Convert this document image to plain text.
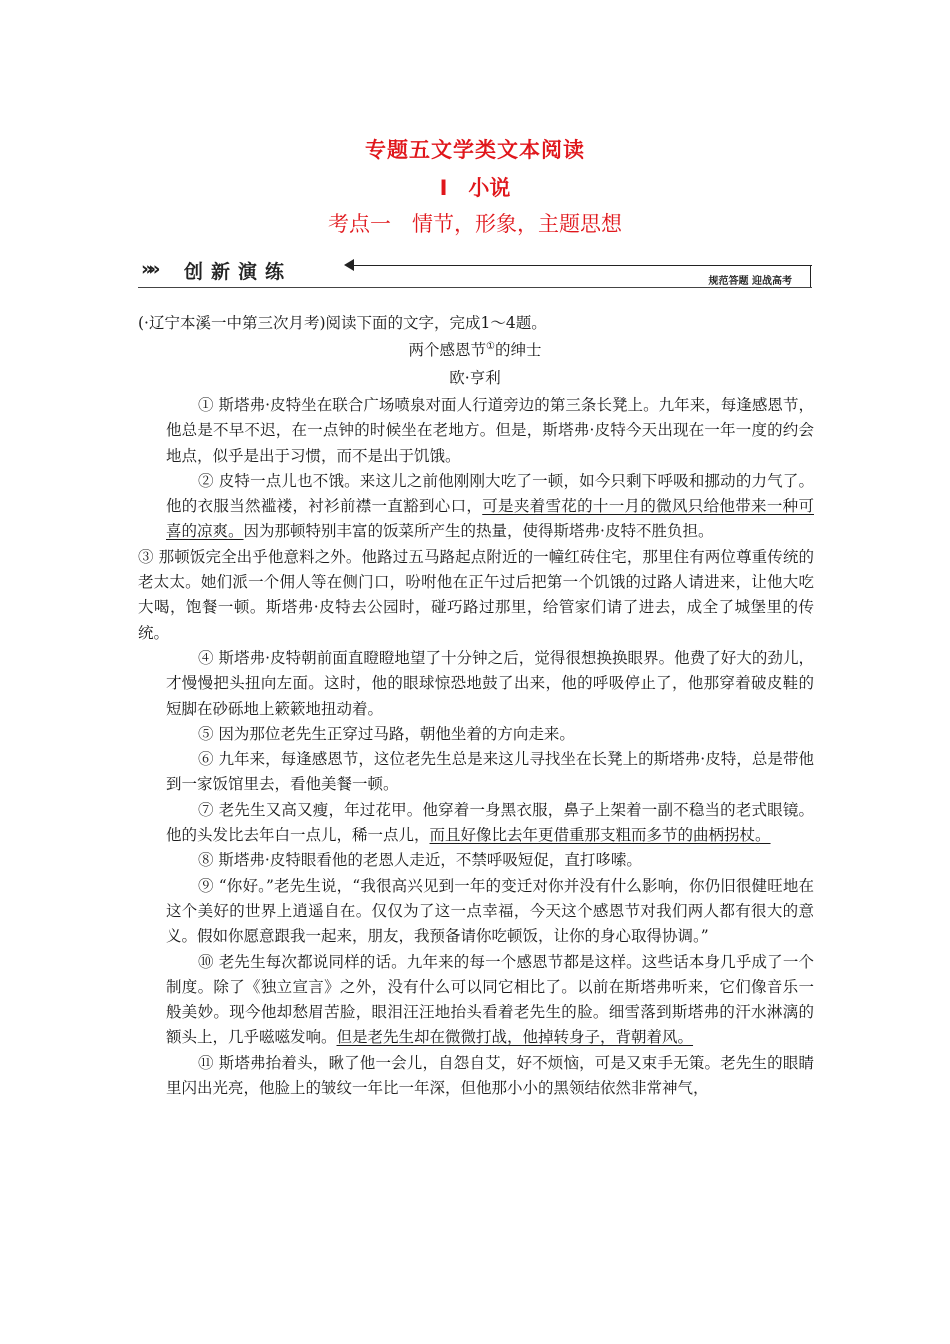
专题五文学类文本阅读
I　小说
考点一　情节，形象，主题思想
»» 创新演练	规范答题 迎战高考
(·辽宁本溪一中第三次月考)阅读下面的文字，完成1～4题。
两个感恩节①的绅士
欧·亨利

① 斯塔弗·皮特坐在联合广场喷泉对面人行道旁边的第三条长凳上。九年来，每逢感恩节，他总是不早不迟，在一点钟的时候坐在老地方。但是，斯塔弗·皮特今天出现在一年一度的约会地点，似乎是出于习惯，而不是出于饥饿。

② 皮特一点儿也不饿。来这儿之前他刚刚大吃了一顿，如今只剩下呼吸和挪动的力气了。他的衣服当然褴褛，衬衫前襟一直豁到心口，可是夹着雪花的十一月的微风只给他带来一种可喜的凉爽。因为那顿特别丰富的饭菜所产生的热量，使得斯塔弗·皮特不胜负担。

③ 那顿饭完全出乎他意料之外。他路过五马路起点附近的一幢红砖住宅，那里住有两位尊重传统的老太太。她们派一个佣人等在侧门口，吩咐他在正午过后把第一个饥饿的过路人请进来，让他大吃大喝，饱餐一顿。斯塔弗·皮特去公园时，碰巧路过那里，给管家们请了进去，成全了城堡里的传统。

④ 斯塔弗·皮特朝前面直瞪瞪地望了十分钟之后，觉得很想换换眼界。他费了好大的劲儿，才慢慢把头扭向左面。这时，他的眼球惊恐地鼓了出来，他的呼吸停止了，他那穿着破皮鞋的短脚在砂砾地上簌簌地扭动着。

⑤ 因为那位老先生正穿过马路，朝他坐着的方向走来。

⑥ 九年来，每逢感恩节，这位老先生总是来这儿寻找坐在长凳上的斯塔弗·皮特，总是带他到一家饭馆里去，看他美餐一顿。

⑦ 老先生又高又瘦，年过花甲。他穿着一身黑衣服，鼻子上架着一副不稳当的老式眼镜。他的头发比去年白一点儿，稀一点儿，而且好像比去年更借重那支粗而多节的曲柄拐杖。

⑧ 斯塔弗·皮特眼看他的老恩人走近，不禁呼吸短促，直打哆嗦。

⑨ “你好。”老先生说，“我很高兴见到一年的变迁对你并没有什么影响，你仍旧很健旺地在这个美好的世界上逍遥自在。仅仅为了这一点幸福，今天这个感恩节对我们两人都有很大的意义。假如你愿意跟我一起来，朋友，我预备请你吃顿饭，让你的身心取得协调。”

⑩ 老先生每次都说同样的话。九年来的每一个感恩节都是这样。这些话本身几乎成了一个制度。除了《独立宣言》之外，没有什么可以同它相比了。以前在斯塔弗听来，它们像音乐一般美妙。现今他却愁眉苦脸，眼泪汪汪地抬头看着老先生的脸。细雪落到斯塔弗的汗水淋漓的额头上，几乎嗞嗞发响。但是老先生却在微微打战，他掉转身子，背朝着风。

⑪ 斯塔弗抬着头，瞅了他一会儿，自怨自艾，好不烦恼，可是又束手无策。老先生的眼睛里闪出光亮，他脸上的皱纹一年比一年深，但他那小小的黑领结依然非常神气，
